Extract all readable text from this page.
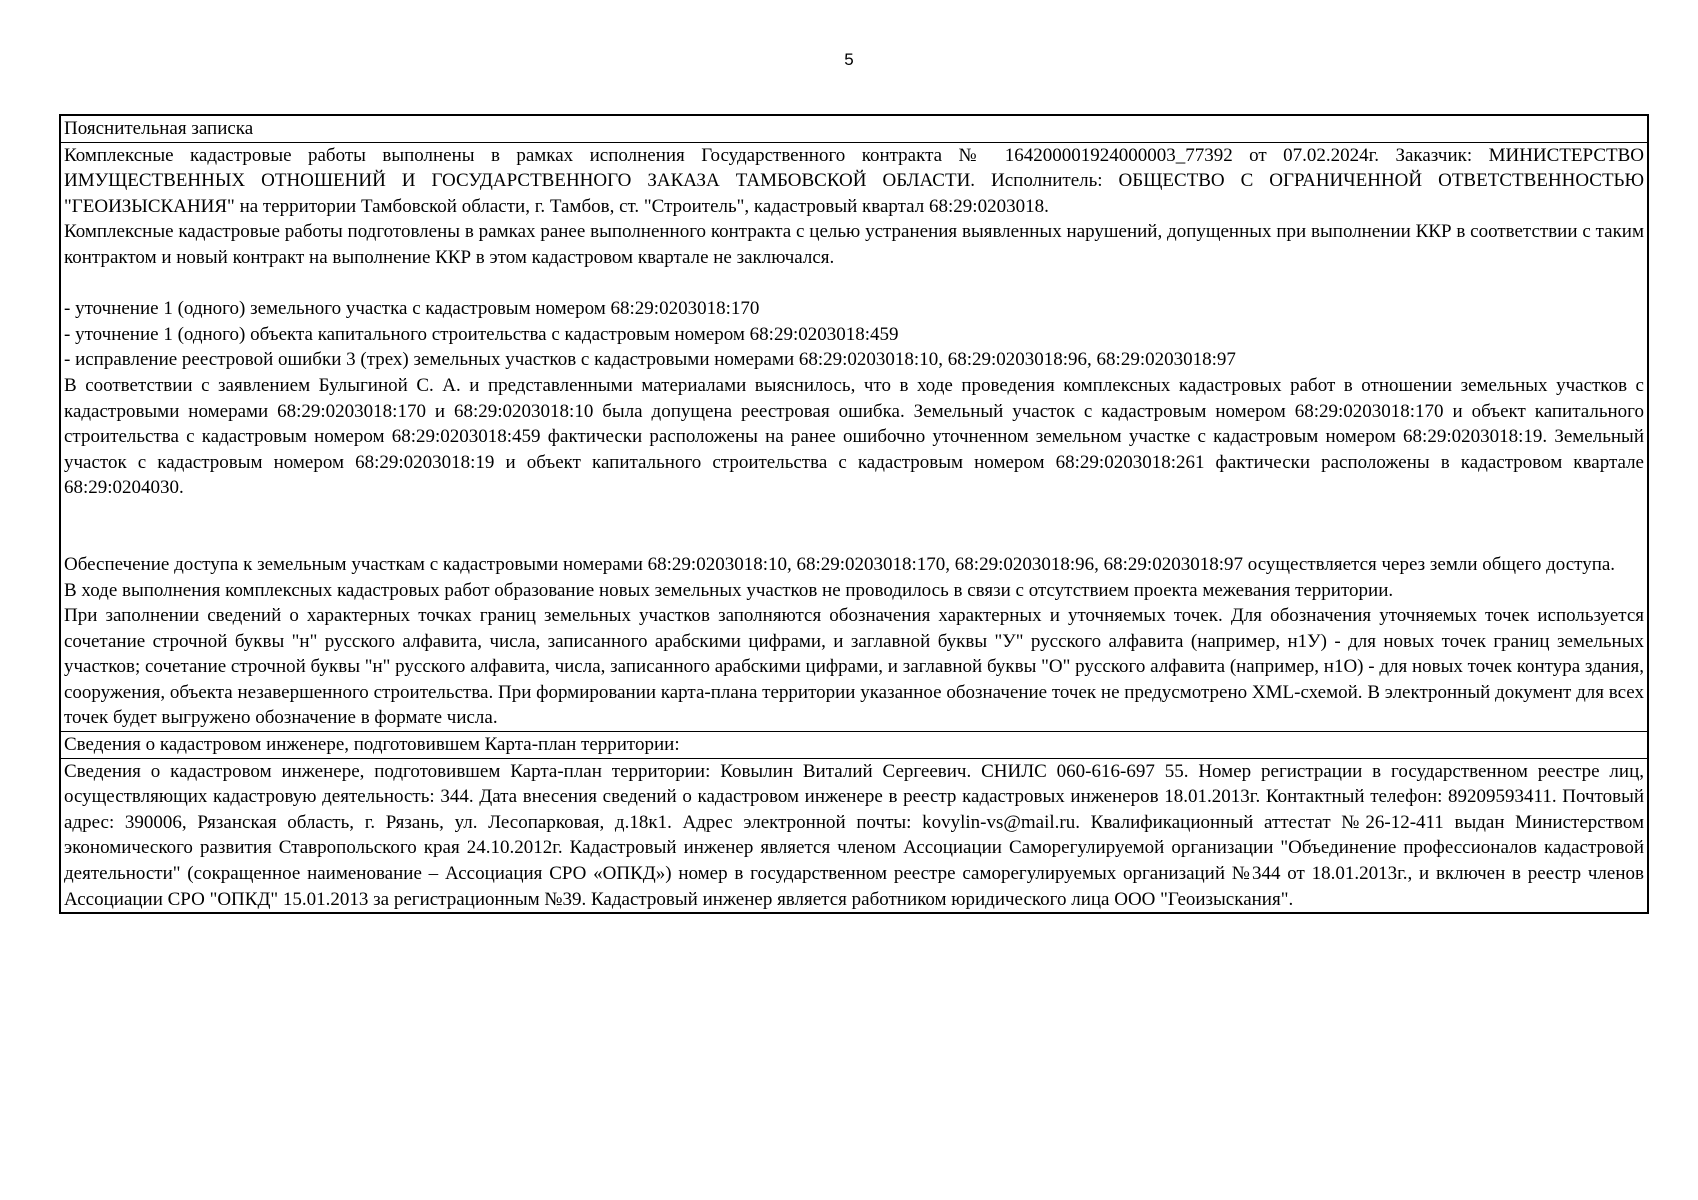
5
Пояснительная записка

Комплексные кадастровые работы выполнены в рамках исполнения Государственного контракта № 164200001924000003_77392 от 07.02.2024г. Заказчик: МИНИСТЕРСТВО ИМУЩЕСТВЕННЫХ ОТНОШЕНИЙ И ГОСУДАРСТВЕННОГО ЗАКАЗА ТАМБОВСКОЙ ОБЛАСТИ. Исполнитель: ОБЩЕСТВО С ОГРАНИЧЕННОЙ ОТВЕТСТВЕННОСТЬЮ "ГЕОИЗЫСКАНИЯ" на территории Тамбовской области, г. Тамбов, ст. "Строитель", кадастровый квартал 68:29:0203018.

Комплексные кадастровые работы подготовлены в рамках ранее выполненного контракта с целью устранения выявленных нарушений, допущенных при выполнении ККР в соответствии с таким контрактом и новый контракт на выполнение ККР в этом кадастровом квартале не заключался.

- уточнение 1 (одного) земельного участка с кадастровым номером 68:29:0203018:170

- уточнение 1 (одного) объекта капитального строительства с кадастровым номером 68:29:0203018:459

- исправление реестровой ошибки 3 (трех) земельных участков с кадастровыми номерами 68:29:0203018:10, 68:29:0203018:96, 68:29:0203018:97

В соответствии с заявлением Булыгиной С. А. и представленными материалами выяснилось, что в ходе проведения комплексных кадастровых работ в отношении земельных участков с кадастровыми номерами 68:29:0203018:170 и 68:29:0203018:10 была допущена реестровая ошибка. Земельный участок с кадастровым номером 68:29:0203018:170 и объект капитального строительства с кадастровым номером 68:29:0203018:459 фактически расположены на ранее ошибочно уточненном земельном участке с кадастровым номером 68:29:0203018:19. Земельный участок с кадастровым номером 68:29:0203018:19 и объект капитального строительства с кадастровым номером 68:29:0203018:261 фактически расположены в кадастровом квартале 68:29:0204030.

Обеспечение доступа к земельным участкам с кадастровыми номерами 68:29:0203018:10, 68:29:0203018:170, 68:29:0203018:96, 68:29:0203018:97 осуществляется через земли общего доступа.

В ходе выполнения комплексных кадастровых работ образование новых земельных участков не проводилось в связи с отсутствием проекта межевания территории.

При заполнении сведений о характерных точках границ земельных участков заполняются обозначения характерных и уточняемых точек. Для обозначения уточняемых точек используется сочетание строчной буквы "н" русского алфавита, числа, записанного арабскими цифрами, и заглавной буквы "У" русского алфавита (например, н1У) - для новых точек границ земельных участков; сочетание строчной буквы "н" русского алфавита, числа, записанного арабскими цифрами, и заглавной буквы "О" русского алфавита (например, н1О) - для новых точек контура здания, сооружения, объекта незавершенного строительства. При формировании карта-плана территории указанное обозначение точек не предусмотрено XML-схемой. В электронный документ для всех точек будет выгружено обозначение в формате числа.

Сведения о кадастровом инженере, подготовившем Карта-план территории:

Сведения о кадастровом инженере, подготовившем Карта-план территории: Ковылин Виталий Сергеевич. СНИЛС 060-616-697 55. Номер регистрации в государственном реестре лиц, осуществляющих кадастровую деятельность: 344. Дата внесения сведений о кадастровом инженере в реестр кадастровых инженеров 18.01.2013г. Контактный телефон: 89209593411. Почтовый адрес: 390006, Рязанская область, г. Рязань, ул. Лесопарковая, д.18к1. Адрес электронной почты: kovylin-vs@mail.ru. Квалификационный аттестат №26-12-411 выдан Министерством экономического развития Ставропольского края 24.10.2012г. Кадастровый инженер является членом Ассоциации Саморегулируемой организации "Объединение профессионалов кадастровой деятельности" (сокращенное наименование – Ассоциация СРО «ОПКД») номер в государственном реестре саморегулируемых организаций №344 от 18.01.2013г., и включен в реестр членов Ассоциации СРО "ОПКД" 15.01.2013 за регистрационным №39. Кадастровый инженер является работником юридического лица ООО "Геоизыскания".
